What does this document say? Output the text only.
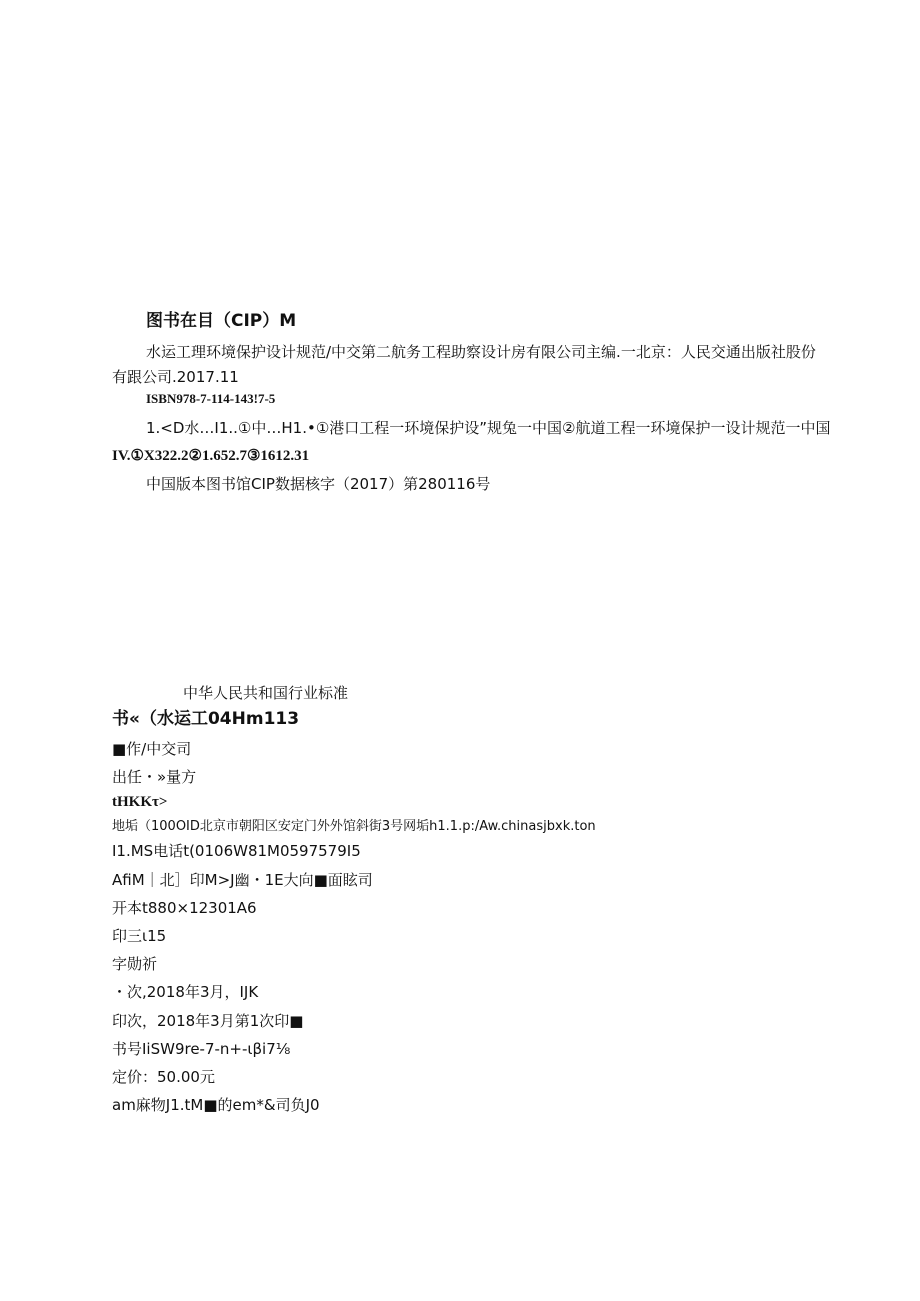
图书在目（CIP）M
水运工理环境保护设计规范/中交第二航务工程助察设计房有限公司主编.一北京：人民交通出版社股份
有跟公司.2017.11
ISBN978-7-114-143!7-5
1.<D水…I1..①中…H1.•①港口工程一环境保护设”规兔一中国②航道工程一环境保护一设计规范一中国
IV.①X322.2②1.652.7③1612.31
中国版本图书馆CIP数据核字（2017）第280116号
中华人民共和国行业标准
书«（水运工04Hm113
■作/中交司
出任・»量方
tHKKτ>
地垢（100OID北京市朝阳区安定门外外馆斜街3号网垢h1.1.p:/Aw.chinasjbxk.ton
I1.MS电话t(0106W81M0597579I5
AfiM｜北］印M>J幽・1E大向■面眩司
开本t880×12301A6
印三ι15
字勋祈
・次,2018年3月，IJK
印次，2018年3月第1次印■
书号IiSW9re-7-n+-ιβi7⅛
定价：50.00元
am麻物J1.tM■的em*&司负J0
